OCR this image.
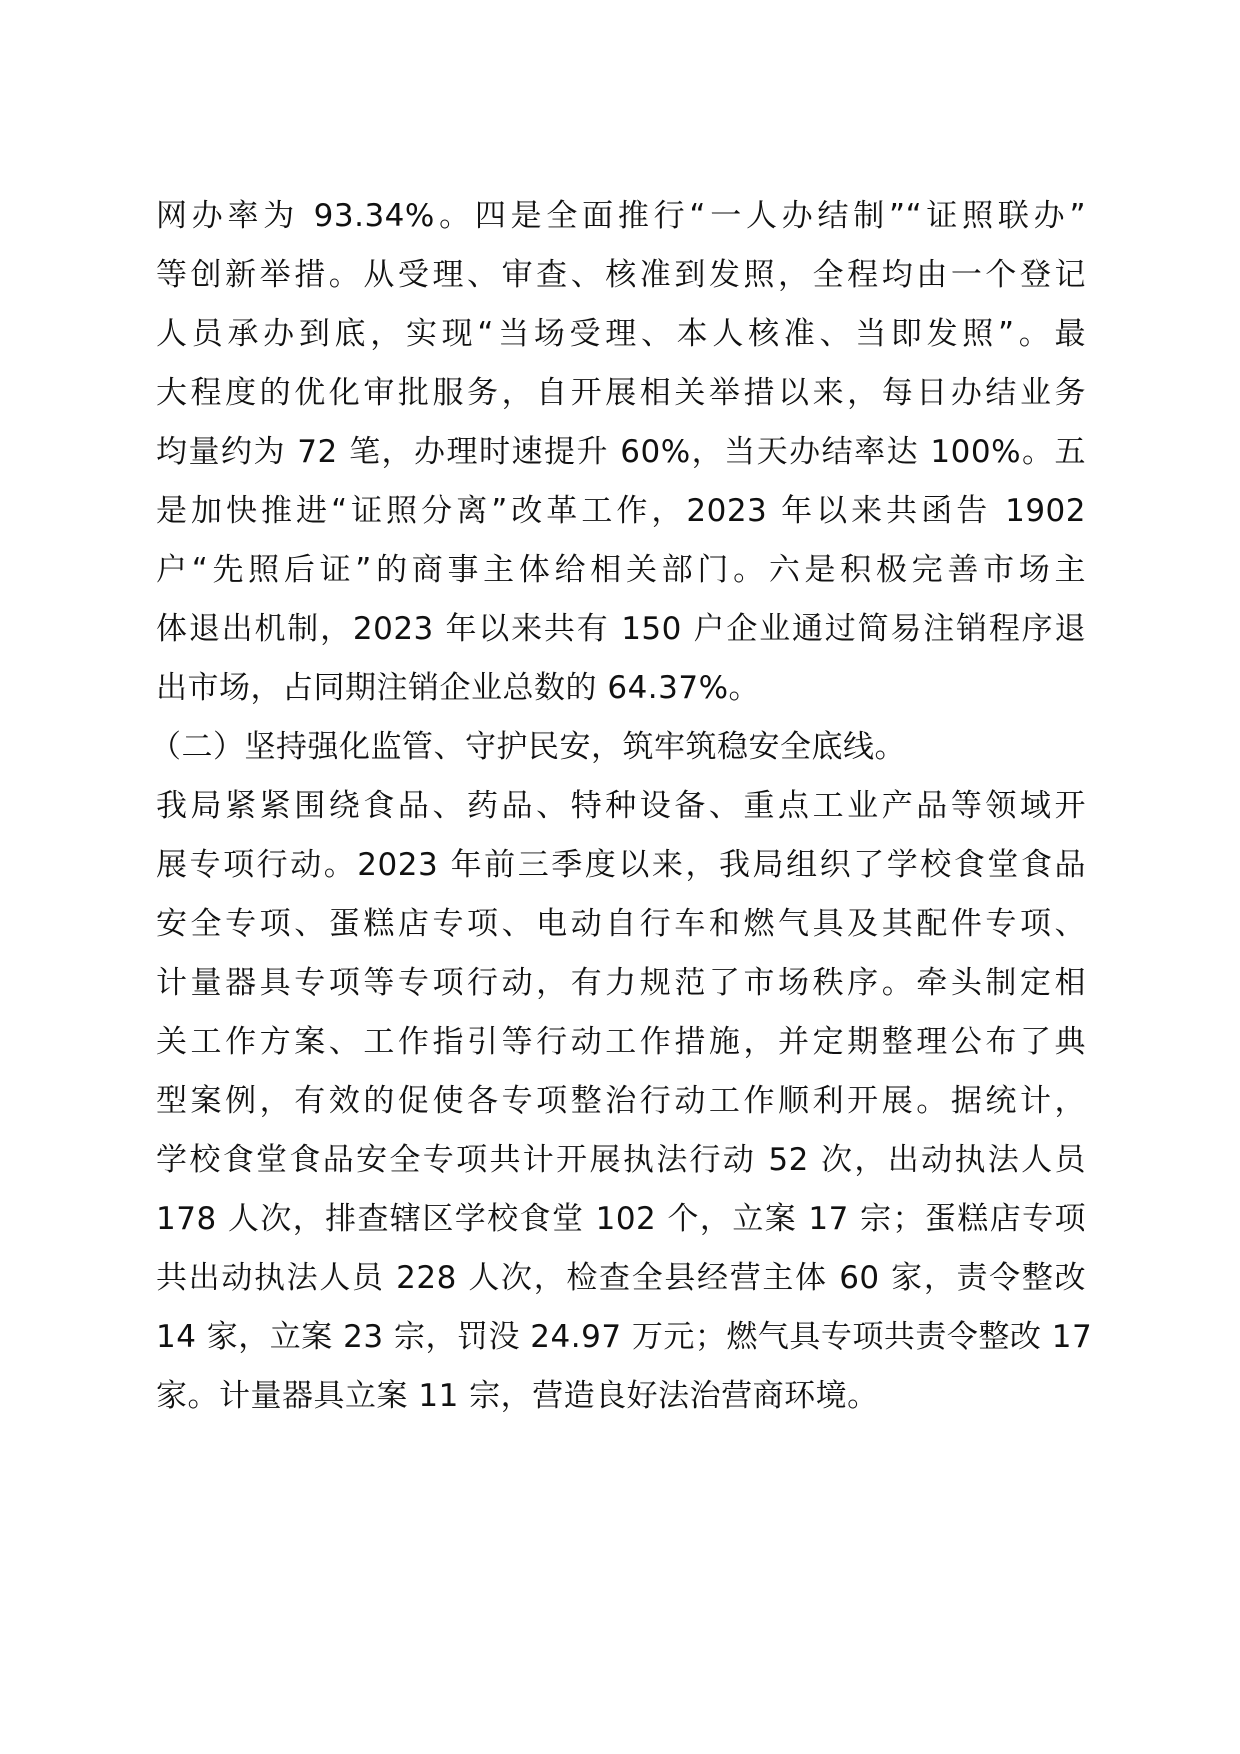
网办率为 93.34%。四是全面推行“一人办结制”“证照联办”
等创新举措。从受理、审查、核准到发照，全程均由一个登记
人员承办到底，实现“当场受理、本人核准、当即发照”。最
大程度的优化审批服务，自开展相关举措以来，每日办结业务
均量约为 72 笔，办理时速提升 60%，当天办结率达 100%。五
是加快推进“证照分离”改革工作，2023 年以来共函告 1902
户“先照后证”的商事主体给相关部门。六是积极完善市场主
体退出机制，2023 年以来共有 150 户企业通过简易注销程序退
出市场，占同期注销企业总数的 64.37%。
（二）坚持强化监管、守护民安，筑牢筑稳安全底线。
我局紧紧围绕食品、药品、特种设备、重点工业产品等领域开
展专项行动。2023 年前三季度以来，我局组织了学校食堂食品
安全专项、蛋糕店专项、电动自行车和燃气具及其配件专项、
计量器具专项等专项行动，有力规范了市场秩序。牵头制定相
关工作方案、工作指引等行动工作措施，并定期整理公布了典
型案例，有效的促使各专项整治行动工作顺利开展。据统计，
学校食堂食品安全专项共计开展执法行动 52 次，出动执法人员
178 人次，排查辖区学校食堂 102 个，立案 17 宗；蛋糕店专项
共出动执法人员 228 人次，检查全县经营主体 60 家，责令整改
14 家，立案 23 宗，罚没 24.97 万元；燃气具专项共责令整改 17
家。计量器具立案 11 宗，营造良好法治营商环境。
